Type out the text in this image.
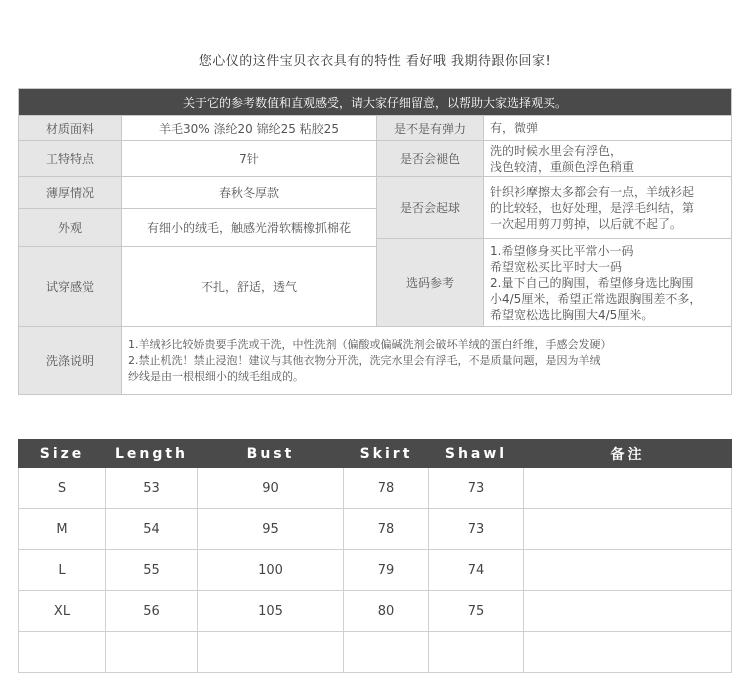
您心仪的这件宝贝衣衣具有的特性 看好哦 我期待跟你回家!
关于它的参考数值和直观感受，请大家仔细留意，以帮助大家选择观买。			
材质面料	羊毛30% 涤纶20 锦纶25 粘胶25	是不是有弹力	有，微弹
工特特点	7针	是否会褪色	洗的时候水里会有浮色，
浅色较清，重颜色浮色稍重

薄厚情况	春秋冬厚款	是否会起球	针织衫摩擦太多都会有一点，羊绒衫起
的比较轻，也好处理，是浮毛纠结，第
一次起用剪刀剪掉，以后就不起了。

外观	有细小的绒毛，触感光滑软糯橡抓棉花		
		选码参考	1.希望修身买比平常小一码
希望宽松买比平时大一码
2.量下自己的胸围，希望修身选比胸围
小4/5厘米，希望正常选跟胸围差不多，
希望宽松选比胸围大4/5厘米。

试穿感觉	不扎，舒适，透气		
洗涤说明	1.羊绒衫比较娇贵要手洗或干洗，中性洗剂（偏酸或偏碱洗剂会破坏羊绒的蛋白纤维，手感会发硬）
2.禁止机洗！禁止浸泡！建议与其他衣物分开洗，洗完水里会有浮毛，不是质量问题，是因为羊绒
纱线是由一根根细小的绒毛组成的。		
Size	Length	Bust	Skirt	Shawl	备注
S	53	90	78	73	
M	54	95	78	73	
L	55	100	79	74	
XL	56	105	80	75	
